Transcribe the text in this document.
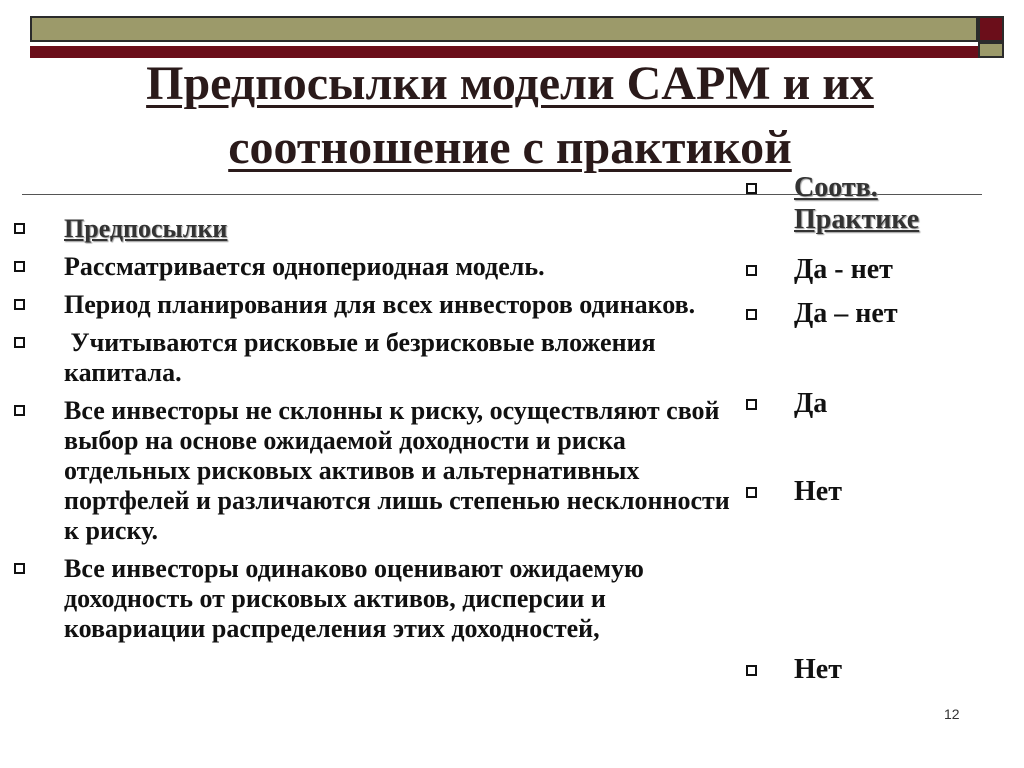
Предпосылки модели CAPM и их
соотношение с практикой
Предпосылки
Рассматривается однопериодная модель.
Период планирования для всех инвесторов одинаков.
Учитываются рисковые и безрисковые вложения капитала.
Все инвесторы не склонны к риску, осуществляют свой выбор на основе ожидаемой доходности и риска отдельных рисковых активов и альтернативных портфелей и различаются лишь степенью несклонности к риску.
Все инвесторы одинаково оценивают ожидаемую доходность от рисковых активов, дисперсии и ковариации распределения этих доходностей,
Соотв. Практике
Да - нет
Да – нет
Да
Нет
Нет
12
